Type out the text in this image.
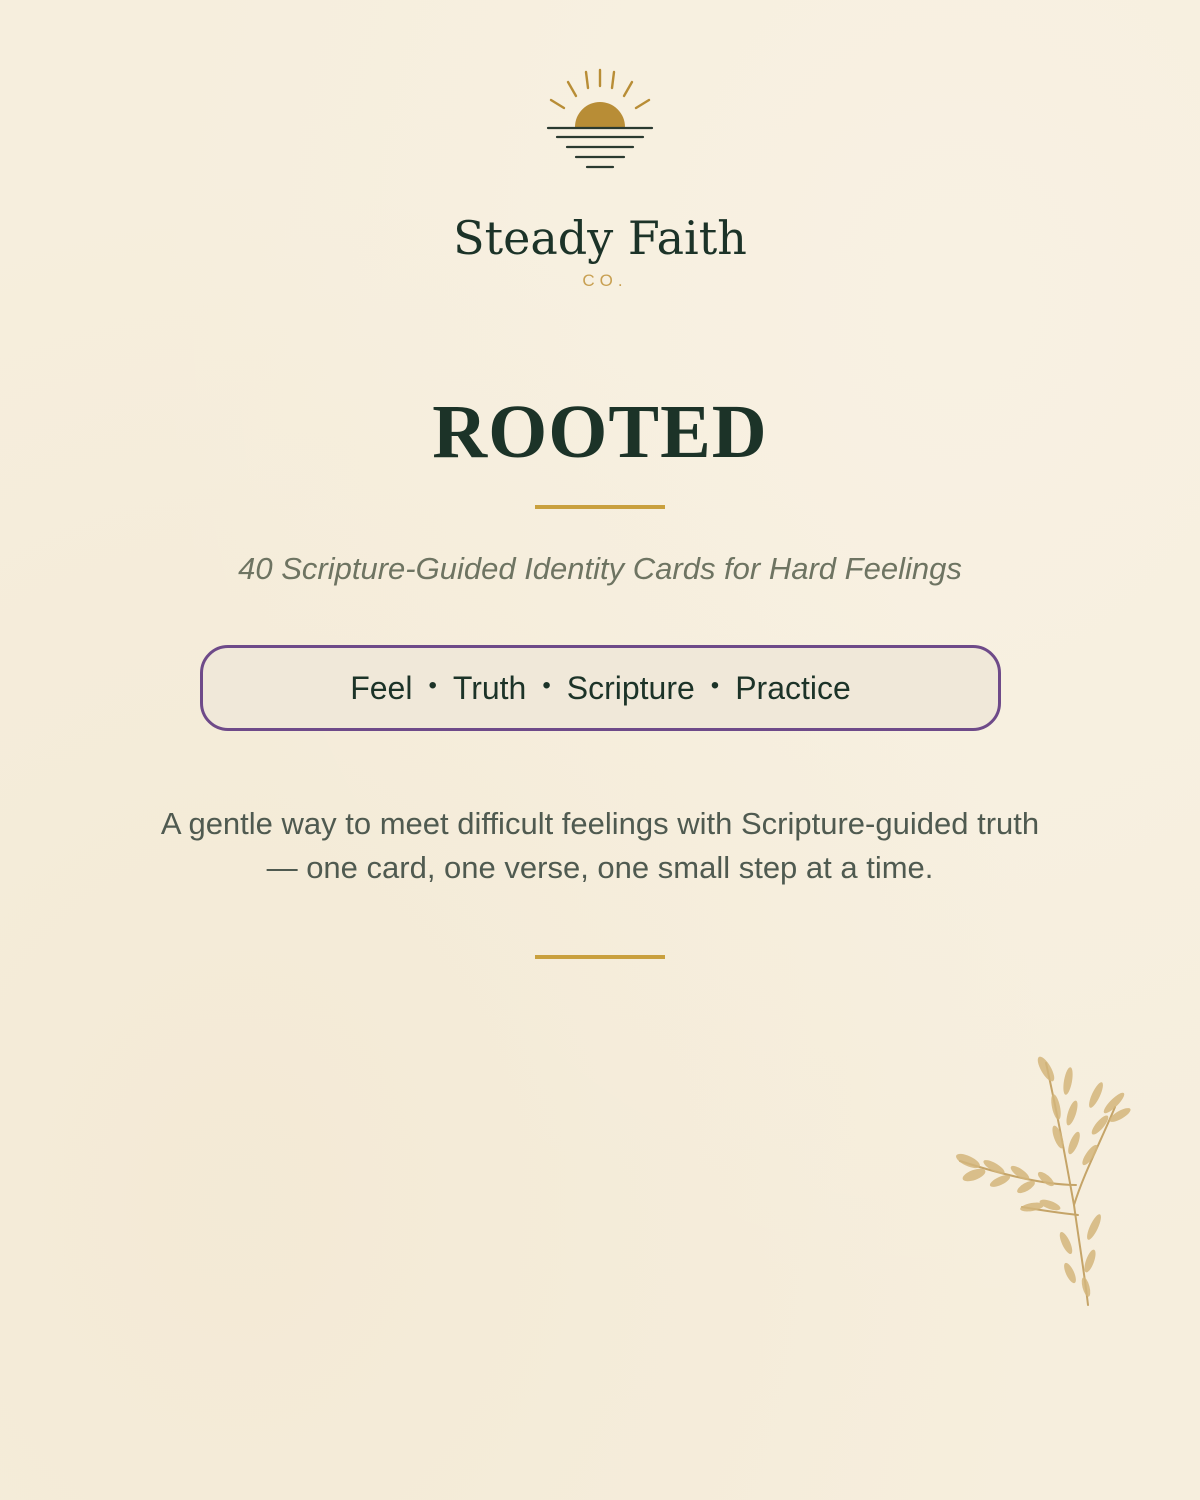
Steady Faith
CO.
ROOTED
40 Scripture-Guided Identity Cards for Hard Feelings
Feel • Truth • Scripture • Practice
A gentle way to meet difficult feelings with Scripture-guided truth
— one card, one verse, one small step at a time.
